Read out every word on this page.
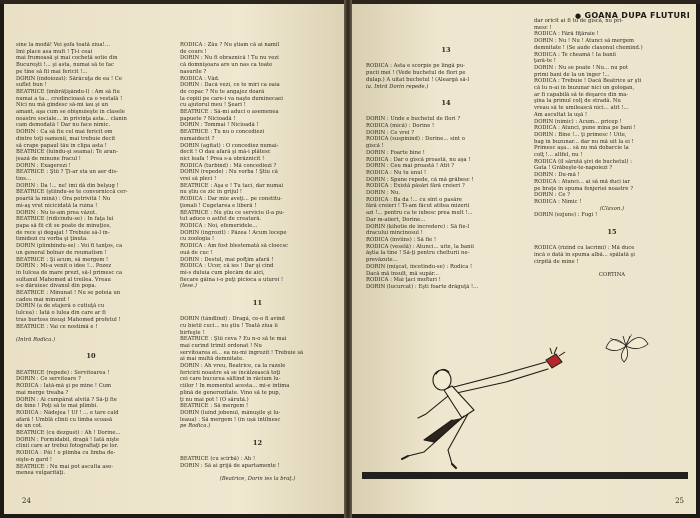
sine la modă! Vei şofa toată ziua!...

Îmi place asa mult ! Ţi-i ceai

mai frumoasă şi mai cochetă sotie din

Bucureşti !... şi asta, numai să te fac

pe tine să fii mai fericit !...

DORIN (îndoiozat): Sărăcuţa de ea ! Ce

suflet bun !

BEATRICE (îmbrăţişându-l) : Am să fiu

numai a ta... credincioasă ca o vestală !

Nici nu mă gîndesc să-mi iau şi un

amant, aşa cum se obişnuieşte în clasele

noastre sociale... în privinţa asta... clanin

cam demodată ! Dar nu face nimic.

DORIN : Ca să fiu cel mai fericit om

dintre toţi oamenii, mai trebuie decit

să crape papaul tău în clipa asta !

BEATRICE (luîndu-şi seama): Te aran-

jează de minune fracul !

DORIN : Exagerezi !

BEATRICE : Ştii ? Ţi-ar sta un aer dis-

tins...

DORIN : Da !... ne! îmi dă din belşug !

BEATRICE (ştiindu-se te convorniccă cer-

poartă la mină) : Ora potrivită ! Nu

mi-aş vrut nicicidată la ruina !

DORIN : Nu te-am prea văzut.

BEATRICE (ridicîndu-se) : În faţa lui

papa să fii cît se poate de minuţios,

de rece şi degajat ! Trebuie să-l în-

timidezi cu vorba şi ţinuta.

DORIN (plimbîndu-se) : Voi fi tanţos, ca

un general bolnav de reumatism !

BEATRICE : Şi acum, să mergem !

DORIN : Mi-a venit o idee !... Pozez

în Iulcea de mare prezt, să-l primesc ca

sultanul Mahomed al treilea. Vreau

s-o dăruiesc divanul din popa.

BEATRICE : Minunat ! Nu se poteia un

cadou mai minunit !

DORIN (a de etajeră o cutiuţă cu

lulcea) : Iată o lulea din care ar fi

tras burtoss însuşi Mahomed profetul !

BEATRICE : Vai ce nostimă e !

(Intră Rodica.)

10

BEATRICE (repede) : Servitoarea !

DORIN : Ce servitoare ?

RODICA : Iată-mă şi pe mine ! Cum

mai merge treaba ?

DORIN : Ai cumpărat alvită ? Să-ţi fie

de bine ! Poţi să te mai plimbi.

RODICA : Nădejea ! Uf ! ... e tare cald

afară ! Umblă clinii cu limba scoasă

de un cot.

BEATRICE (cu dezgust) : Ah ! Dorine...

DORIN : Formidabil, dragă ! Iată nişte

clinii care ar trebui fotografiaţi pe lor.

RODICA : Păi ! o plimba cu limba de-

oişte-n gard !

BEATRICE : Nu mai pot asculta ase-

menea vulgarităţi.

RODICA : Zău ? Nu ştiam că ai namil

de cours !

DORIN : Nu fi obraznică ! Tu nu vezi

că domnişoara are un nas ca toate

nasurile ?

RODICA : Văd.

DORIN : Dacă vezi, ce te miri ca oaia

de copac ? Nu te angajez doară

la copiii pe care-i va naşte duminecaei

cu ajutorul meu ! Şearî !

BEATRICE : Să-mi aduci o asemenea

papuete ? Nicioadă !

DORIN : Tommai ! Nicioadă !

BEATRICE : Tu nu o concediezi

numaidecit ?

DORIN (agitat) : O concediez numai-

decit ! O dau afară şi mă-i plătesc

nici leafa ! Prea s-a obrăznicit !

RODICA (turbind) : Mă concediezi ?

DORIN (repede) : Nu vorba ! Ştiu că

vrei să pleci !

BEATRICE : Aşa e ! Tu taci, dar numai

nu ştiu ce zic în grijul !

RODICA : Dar mie aveţi... pe constitu-

ţionali ! Cugetarea e liberă !

BEATRICE : Nu ştiu ce serviciu îl-a pu-

tut aduce o astfel de creatură.

RODICA : Noi, efemeridele...

DORIN (ingrozit) : Păzea ! Acum locepe

cu zoologia !

RODICA : Am fost blestemată să cloecsc

ouă de cuc !

DORIN : Destul, mai pofţim afară !

RODICA : Ucor, că ies ! Dar şi cind

mi-s duluia cum plecăm de aici,

fiecare găina i-o puţi picioca a uturoi !

(Iese.)

11

DORIN (tăndlind) : Dragă, ce-o fi avînd

cu bietii cuci... nu ştiu ! Toată ziua îi

birfeşte !

BEATRICE : Ştii ceva ? Eu n-o să te mai

mai curînd trimit ordonat ! Nu

servitoarea ei... ea nu-mi ingrozit ! Trebuie să

ai mai multă demnitate.

DORIN : Ah vreu, Beatrice, ca la razele

fericirii noastre să se încălzească toţi

cei care bucurea săltind în răcium lu-

ciilor ! În momentul acesta... mi-e intima

plină de generozitate. Vino să te pup,

ţi nu mai pot ! (O sărută.)

BEATRICE : Să mergem !

DORIN (luînd jobenul, mănuşile şi lu-

leaua) : Să mergem ! (în ușă intîlnesc

pe Rodica.)

12

BEATRICE (cu scîrbă) : Ah !

DORIN : Să ai grijă de apartamente !

(Beatrice, Dorin ies la braţ.)

24
● GOANA DUPA FLUTURI

13

RODICA : Asta e scorpie pe lîngă pu-

pucii mei ! (Vede buchetul de flori pe

dulap.) A uitat buchetul ! (Aleargă să-l

ia. Intră Dorin repede.)

14

DORIN : Unde e buchetul de flori ?

RODICA (mică) : Dorine !

DORIN : Ce vrei ?

RODICA (suspinînd) : Dorine... sint o

gîscă !

DORIN : Foarte bine !

RODICA : Dar o gîscă proastă, nu aşa !

DORIN : Ceu mai proastă ! Atît ?

RODICA : Nu tu unul !

DORIN : Spune repede, că mă grăbesc !

RODICA : Există păsări fără creieri ?

DORIN : Nu.

RODICA : Ba da !... cu sînt o pasăre

fără creieri ! Ti-am făcut atîtea mizerii

azi !... pentru ca te iubesc prea mult !...

Dar m-aiiert, Dorine...

DORIN (kihotie de încredere) : Să fie-l

dracului mincinosul !

RODICA (înviins) : Să fie !

RODICA (veselă) : Atunci... uite, la banii

ăştia la tine ! Să-ţi pentru chelturii ne-

prevăzute...

DORIN (mişcat, încetîndu-se) : Rodica !

Dacă mă insult, mă supăr...

RODICA : Mai ţaci mofturi !

DORIN (lucurcat) : Eşti foarte drăguţă !...

dar oricît ai fi tu de gîscă, nu pri-

mesc !

RODICA : Fără fiţăraie !

DORIN : Nu ! Nu ! Atunci să mergem

demnitate ! (Se aude claxonul chemînd.)

RODICA : Te cheamă ! Ia banii

ţară-te !

DORIN : Nu se poate ! Nu... nu pot

primi bani de la un înger !...

RODICA : Trebuie ! Dacă Beatrice ar şti

că tu n-ai în buzunar nici un gologan,

ar fi capabilă să te deşarce din ma-

şina la primul colţ de stradă. Nu

vreau să te umilească nici... atît !...

Am ascultat la uşă !

DORIN (nimic) : Acum... pricep !

RODICA : Atunci, pune mina pe bani !

DORIN : Bine !... ţi primesc ! Uite,

bag în buzunar... dar nu mă uit la ei !

Primesc aşa... să nu mă dobarcie la

colţ !... altfel, nu !

RODICA (îl sărută şivi de buchetul) :

Gata ! Grăbeşte-te-napoiezi ?

DORIN : Du-mă !

RODICA : Atunci... ai să mă duci iar

pe braţe în spuma fenjeriei noastre ?

DORIN : Ce ?

RODICA : Nimic !

(Claxon.)

DORIN (ezjuns) : Fugi !

15

RODICA (rîzînd cu lacrimi) : Mă duce

încă o dată în spuma albă... spălată şi

cirpită de mine !

CORTINA

25
